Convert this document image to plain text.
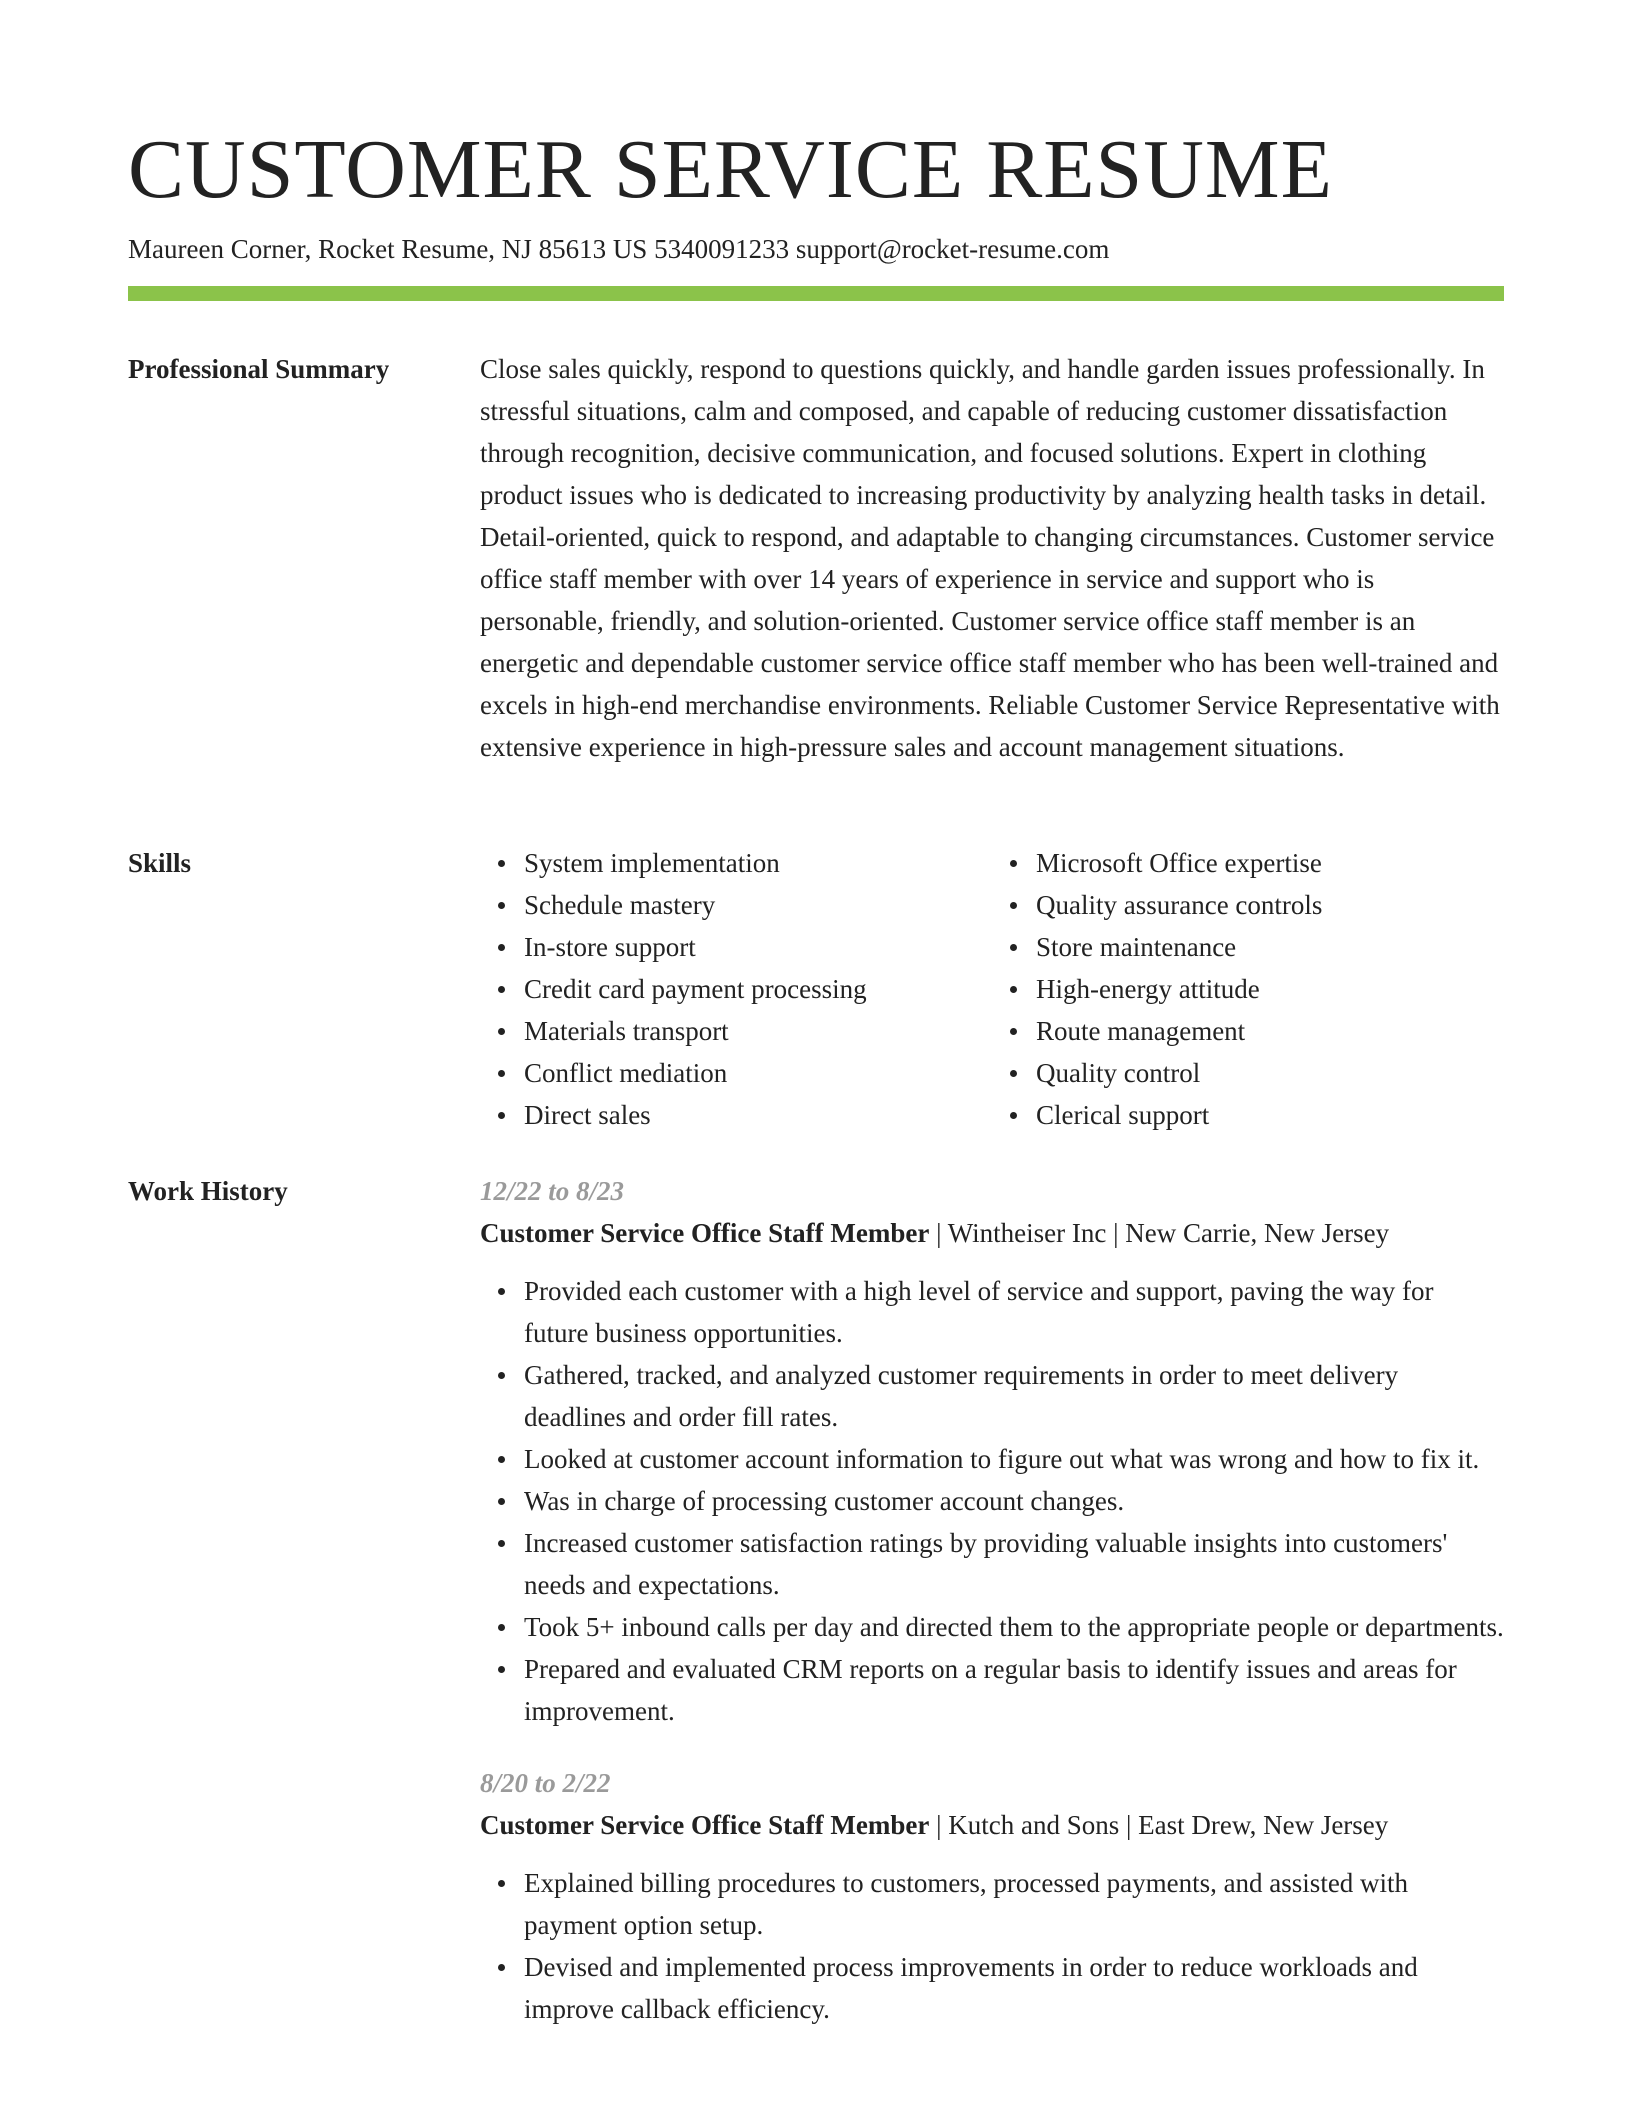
CUSTOMER SERVICE RESUME
Maureen Corner, Rocket Resume, NJ 85613 US 5340091233 support@rocket-resume.com
Professional Summary	Close sales quickly, respond to questions quickly, and handle garden issues professionally. In stressful situations, calm and composed, and capable of reducing customer dissatisfaction through recognition, decisive communication, and focused solutions. Expert in clothing product issues who is dedicated to increasing productivity by analyzing health tasks in detail. Detail-oriented, quick to respond, and adaptable to changing circumstances. Customer service office staff member with over 14 years of experience in service and support who is personable, friendly, and solution-oriented. Customer service office staff member is an energetic and dependable customer service office staff member who has been well-trained and excels in high-end merchandise environments. Reliable Customer Service Representative with extensive experience in high-pressure sales and account management situations.

Skills	System implementation
Schedule mastery
In-store support
Credit card payment processing
Materials transport
Conflict mediation
Direct sales
Microsoft Office expertise
Quality assurance controls
Store maintenance
High-energy attitude
Route management
Quality control
Clerical support
Work History	12/22 to 8/23
Customer Service Office Staff Member | Wintheiser Inc | New Carrie, New Jersey
Provided each customer with a high level of service and support, paving the way for future business opportunities.
Gathered, tracked, and analyzed customer requirements in order to meet delivery deadlines and order fill rates.
Looked at customer account information to figure out what was wrong and how to fix it.
Was in charge of processing customer account changes.
Increased customer satisfaction ratings by providing valuable insights into customers' needs and expectations.
Took 5+ inbound calls per day and directed them to the appropriate people or departments.
Prepared and evaluated CRM reports on a regular basis to identify issues and areas for improvement.
8/20 to 2/22
Customer Service Office Staff Member | Kutch and Sons | East Drew, New Jersey
Explained billing procedures to customers, processed payments, and assisted with payment option setup.
Devised and implemented process improvements in order to reduce workloads and improve callback efficiency.
